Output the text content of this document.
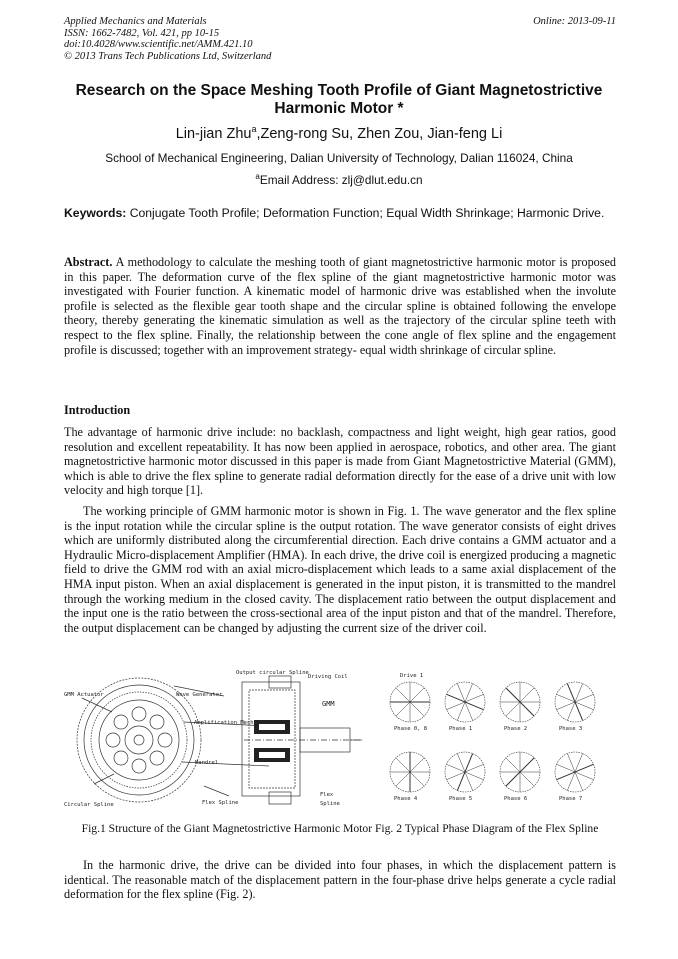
Applied Mechanics and Materials
ISSN: 1662-7482, Vol. 421, pp 10-15
doi:10.4028/www.scientific.net/AMM.421.10
© 2013 Trans Tech Publications Ltd, Switzerland
Online: 2013-09-11
Research on the Space Meshing Tooth Profile of Giant Magnetostrictive Harmonic Motor *
Lin-jian Zhu$^a$,Zeng-rong Su, Zhen Zou, Jian-feng Li
School of Mechanical Engineering, Dalian University of Technology, Dalian 116024, China
$^a$Email Address: zlj@dlut.edu.cn
Keywords: Conjugate Tooth Profile; Deformation Function; Equal Width Shrinkage; Harmonic Drive.
Abstract. A methodology to calculate the meshing tooth of giant magnetostrictive harmonic motor is proposed in this paper. The deformation curve of the flex spline of the giant magnetostrictive harmonic motor was investigated with Fourier function. A kinematic model of harmonic drive was established when the involute profile is selected as the flexible gear tooth shape and the circular spline is obtained following the envelope theory, thereby generating the kinematic simulation as well as the trajectory of the circular spline teeth with respect to the flex spline. Finally, the relationship between the cone angle of flex spline and the engagement profile is discussed; together with an improvement strategy- equal width shrinkage of circular spline.
Introduction
The advantage of harmonic drive include: no backlash, compactness and light weight, high gear ratios, good resolution and excellent repeatability. It has now been applied in aerospace, robotics, and other area. The giant magnetostrictive harmonic motor discussed in this paper is made from Giant Magnetostrictive Material (GMM), which is able to drive the flex spline to generate radial deformation directly for the ease of a drive unit with low velocity and high torque [1].
The working principle of GMM harmonic motor is shown in Fig. 1. The wave generator and the flex spline is the input rotation while the circular spline is the output rotation. The wave generator consists of eight drives which are uniformly distributed along the circumferential direction. Each drive contains a GMM actuator and a Hydraulic Micro-displacement Amplifier (HMA). In each drive, the drive coil is energized producing a magnetic field to drive the GMM rod with an axial micro-displacement which leads to a same axial displacement of the HMA input piston. When an axial displacement is generated in the input piston, it is transmitted to the mandrel through the working medium in the closed cavity. The displacement ratio between the output displacement and the input one is the ratio between the cross-sectional area of the input piston and that of the mandrel. Therefore, the output displacement can be changed by adjusting the current size of the driver coil.
GMM Actuator	Wave Generator
Output circular Spline
Driving Coil
GMM
Amplification Mechanism
Mandrel
Circular Spline	Flex Spline
Flex
Spline
Phase 0, 8	Phase 1	Phase 2	Phase 3
Phase 4	Phase 5	Phase 6	Phase 7
Drive 1
Fig.1 Structure of the Giant Magnetostrictive Harmonic Motor Fig. 2 Typical Phase Diagram of the Flex Spline
In the harmonic drive, the drive can be divided into four phases, in which the displacement pattern is identical. The reasonable match of the displacement pattern in the four-phase drive helps generate a cycle radial deformation for the flex spline (Fig. 2).
